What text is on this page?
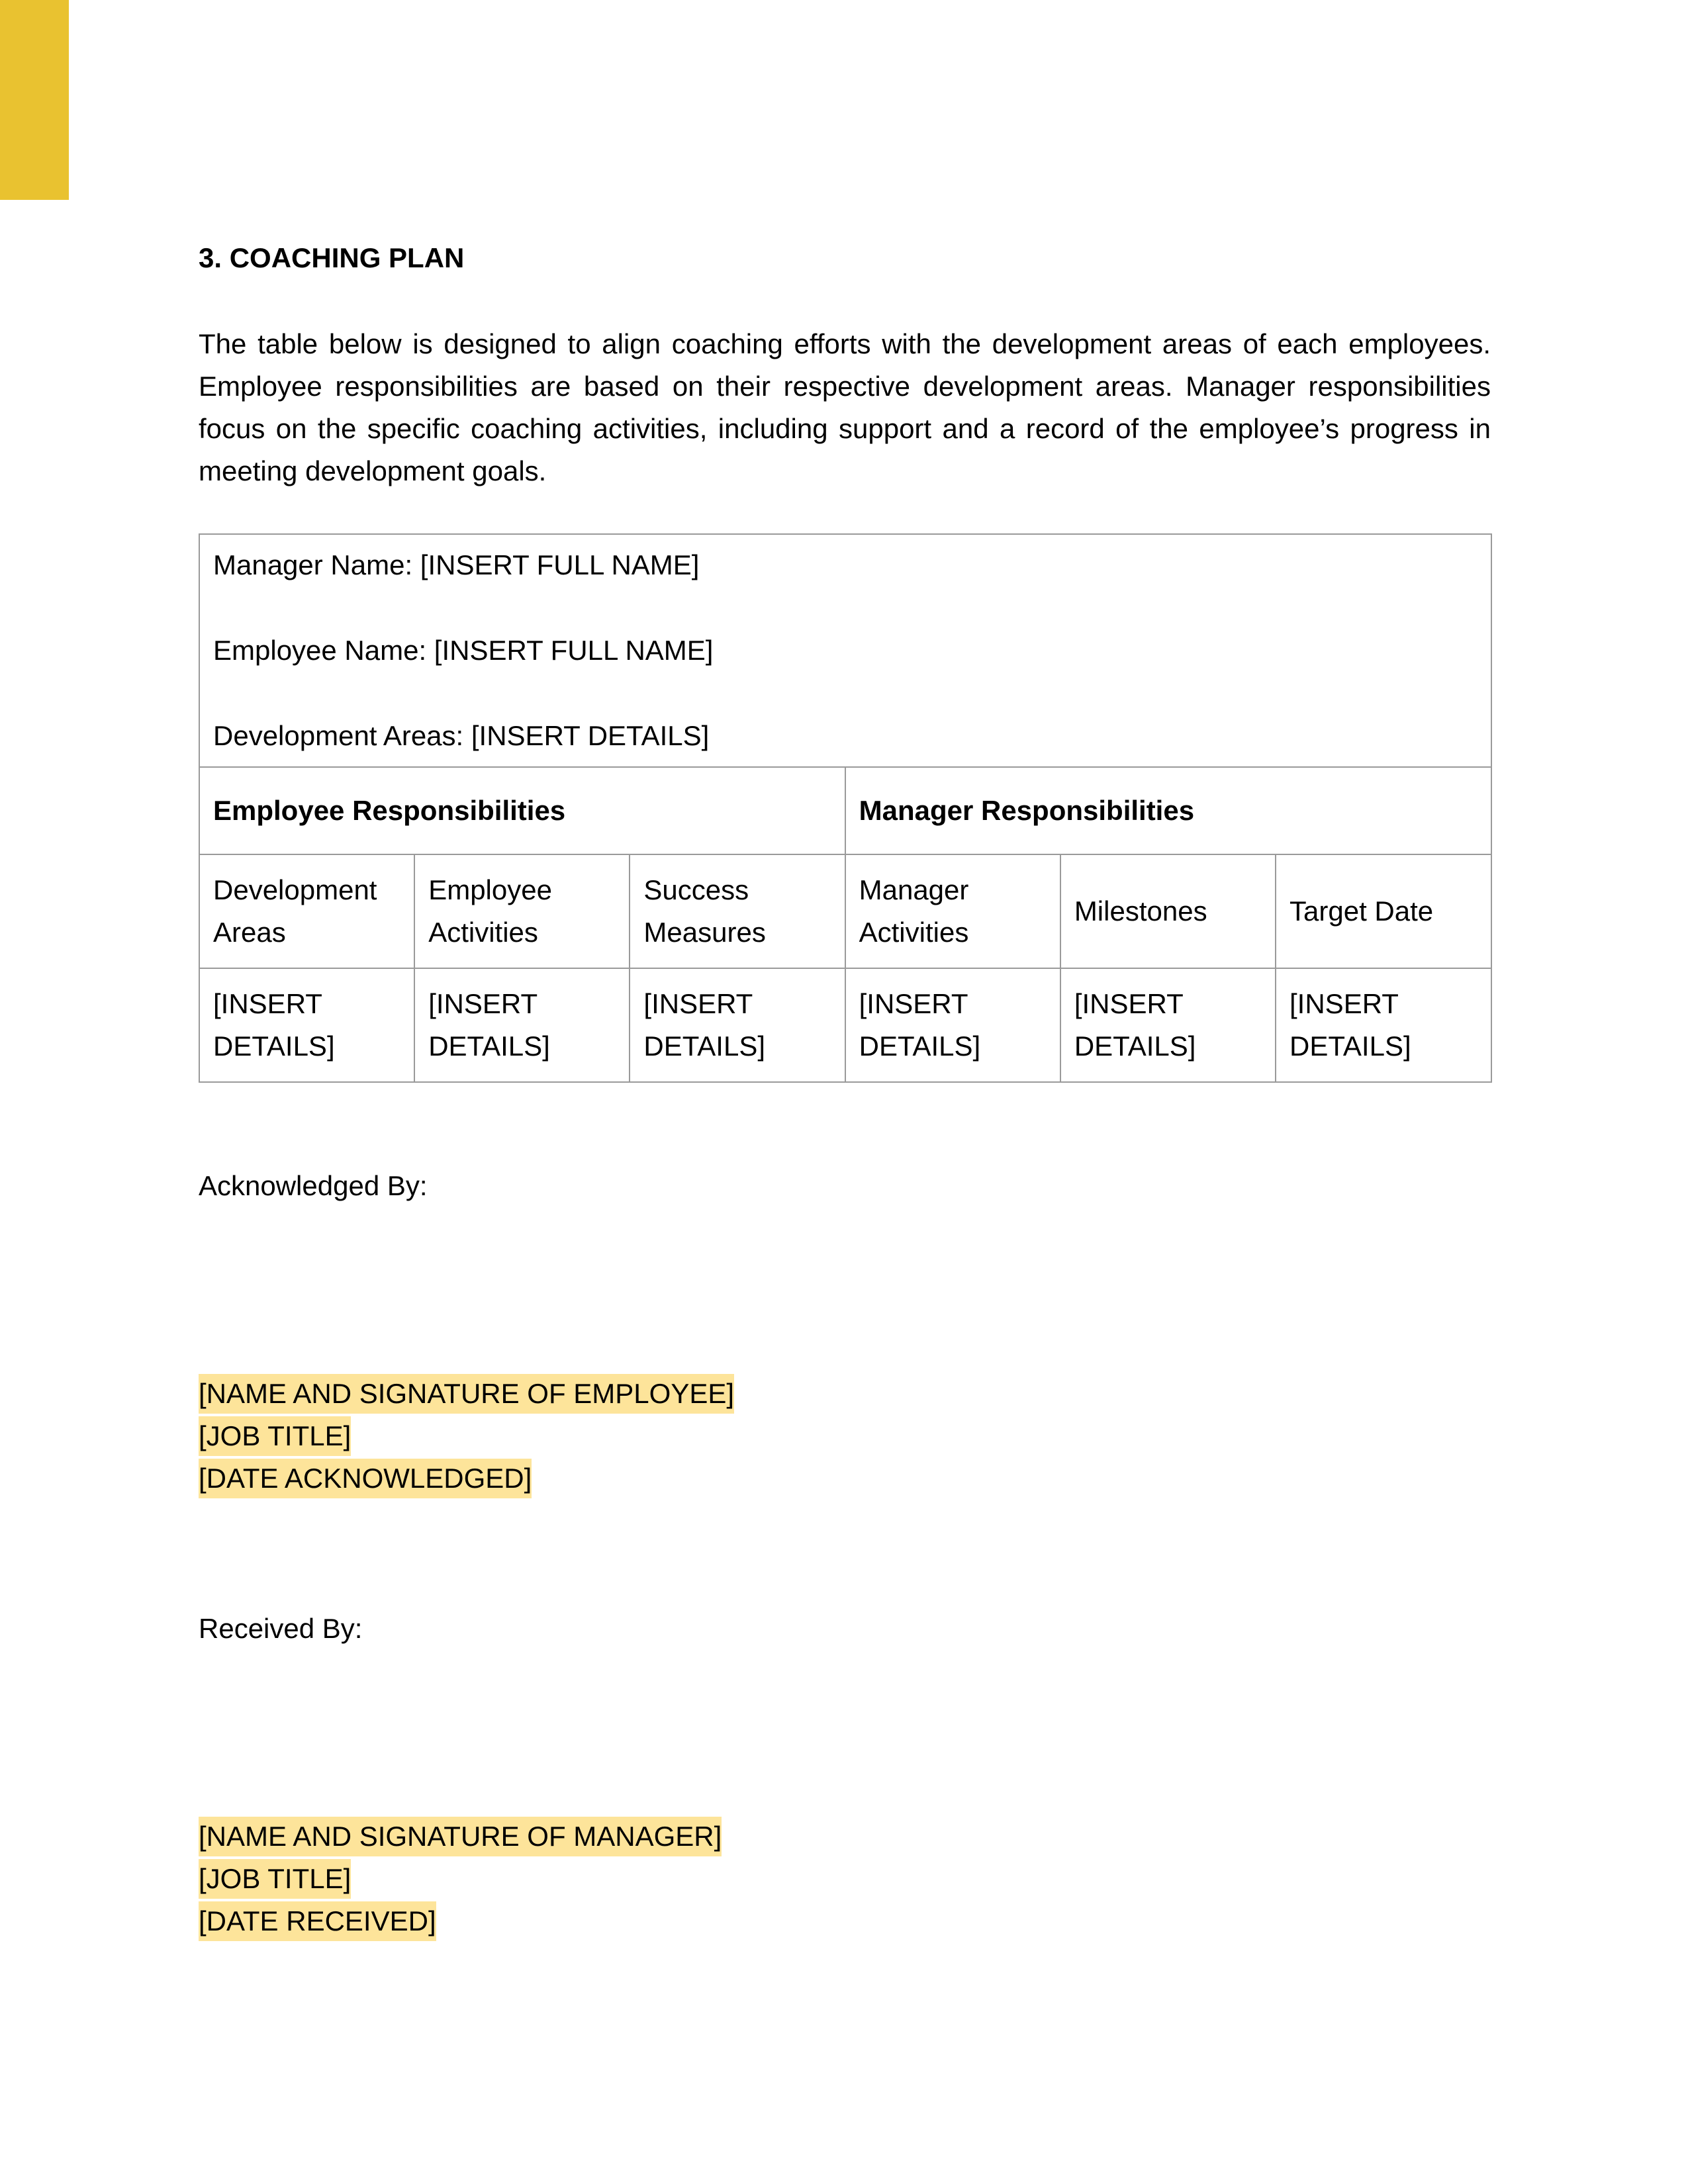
3. COACHING PLAN

The table below is designed to align coaching efforts with the development areas of each employees. Employee responsibilities are based on their respective development areas. Manager responsibilities focus on the specific coaching activities, including support and a record of the employee’s progress in meeting development goals.

Manager Name: [INSERT FULL NAME]
Employee Name: [INSERT FULL NAME]
Development Areas: [INSERT DETAILS]					

Employee Responsibilities			Manager Responsibilities		
Development Areas	Employee Activities	Success Measures	Manager Activities	Milestones	Target Date
[INSERT DETAILS]	[INSERT DETAILS]	[INSERT DETAILS]	[INSERT DETAILS]	[INSERT DETAILS]	[INSERT DETAILS]

Acknowledged By:

[NAME AND SIGNATURE OF EMPLOYEE]
[JOB TITLE]
[DATE ACKNOWLEDGED]

Received By:

[NAME AND SIGNATURE OF MANAGER]
[JOB TITLE]
[DATE RECEIVED]
